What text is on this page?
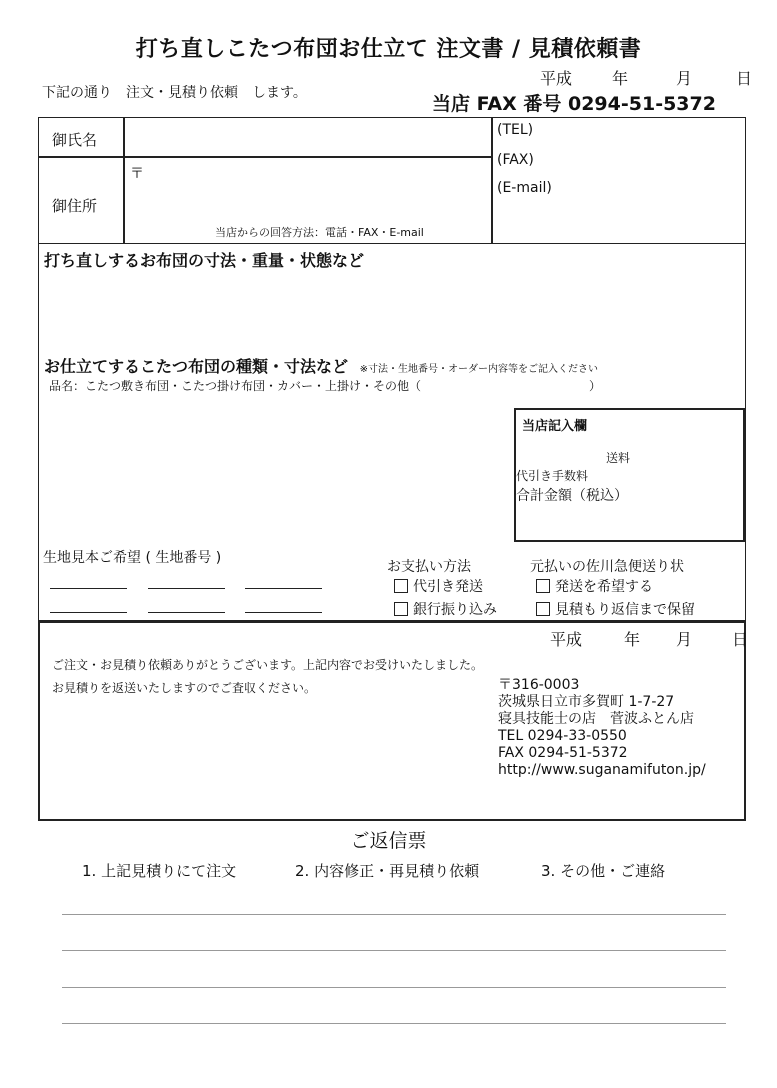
打ち直しこたつ布団お仕立て 注文書 / 見積依頼書
下記の通り　注文・見積り依頼　します。
平成	年	月	日
当店 FAX 番号 0294-51-5372
御氏名
御住所
〒
当店からの回答方法：電話・FAX・E-mail
(TEL)
(FAX)
(E-mail)
打ち直しするお布団の寸法・重量・状態など
お仕立てするこたつ布団の種類・寸法など ※寸法・生地番号・オーダー内容等をご記入ください
品名：こたつ敷き布団・こたつ掛け布団・カバー・上掛け・その他（　　　　　　　　　　　　　　）
当店記入欄
送料
代引き手数料
合計金額（税込）
生地見本ご希望 ( 生地番号 )
お支払い方法
代引き発送
銀行振り込み
元払いの佐川急便送り状
発送を希望する
見積もり返信まで保留
平成	年 月	日
ご注文・お見積り依頼ありがとうございます。上記内容でお受けいたしました。
お見積りを返送いたしますのでご査収ください。	〒316-0003
茨城県日立市多賀町 1-7-27
寝具技能士の店　菅波ふとん店
TEL 0294-33-0550
FAX 0294-51-5372
http://www.suganamifuton.jp/
ご返信票
1. 上記見積りにて注文	2. 内容修正・再見積り依頼	3. その他・ご連絡
